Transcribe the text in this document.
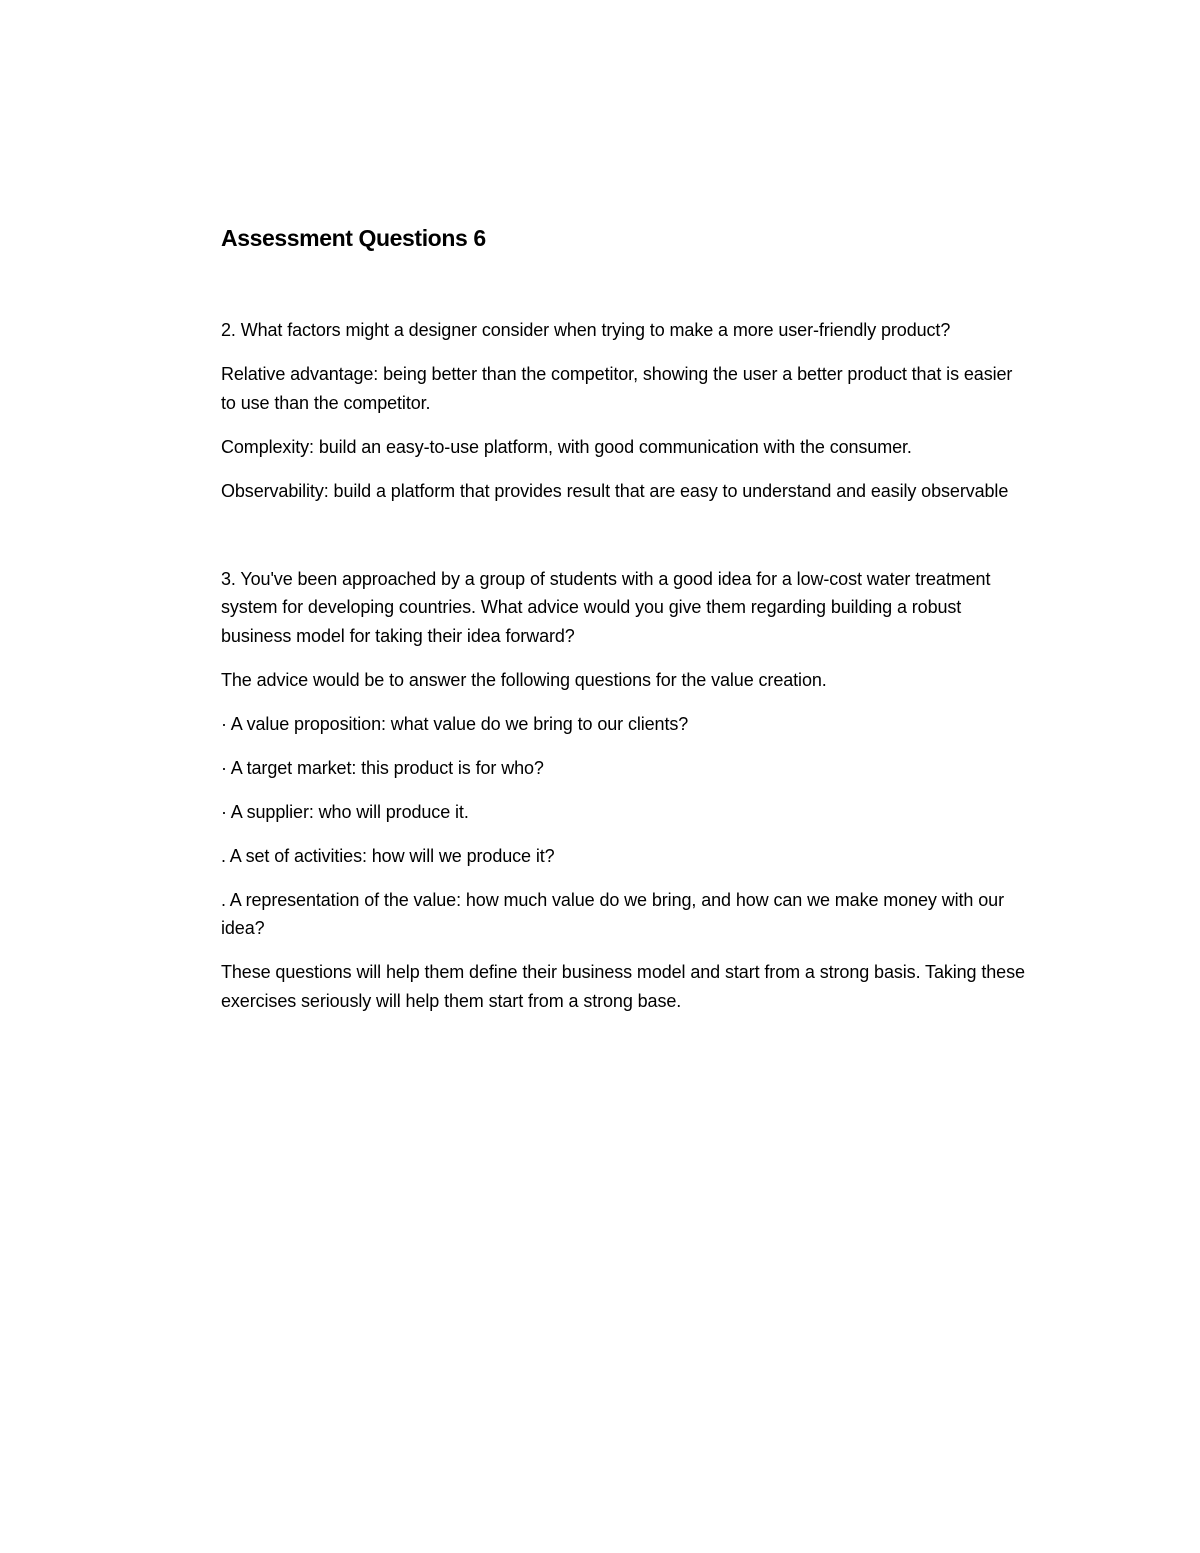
Assessment Questions 6
2. What factors might a designer consider when trying to make a more user-friendly product?
Relative advantage: being better than the competitor, showing the user a better product that is easier to use than the competitor.
Complexity: build an easy-to-use platform, with good communication with the consumer.
Observability: build a platform that provides result that are easy to understand and easily observable
3. You've been approached by a group of students with a good idea for a low-cost water treatment system for developing countries. What advice would you give them regarding building a robust business model for taking their idea forward?
The advice would be to answer the following questions for the value creation.
· A value proposition: what value do we bring to our clients?
· A target market: this product is for who?
· A supplier: who will produce it.
. A set of activities: how will we produce it?
. A representation of the value: how much value do we bring, and how can we make money with our idea?
These questions will help them define their business model and start from a strong basis. Taking these exercises seriously will help them start from a strong base.
